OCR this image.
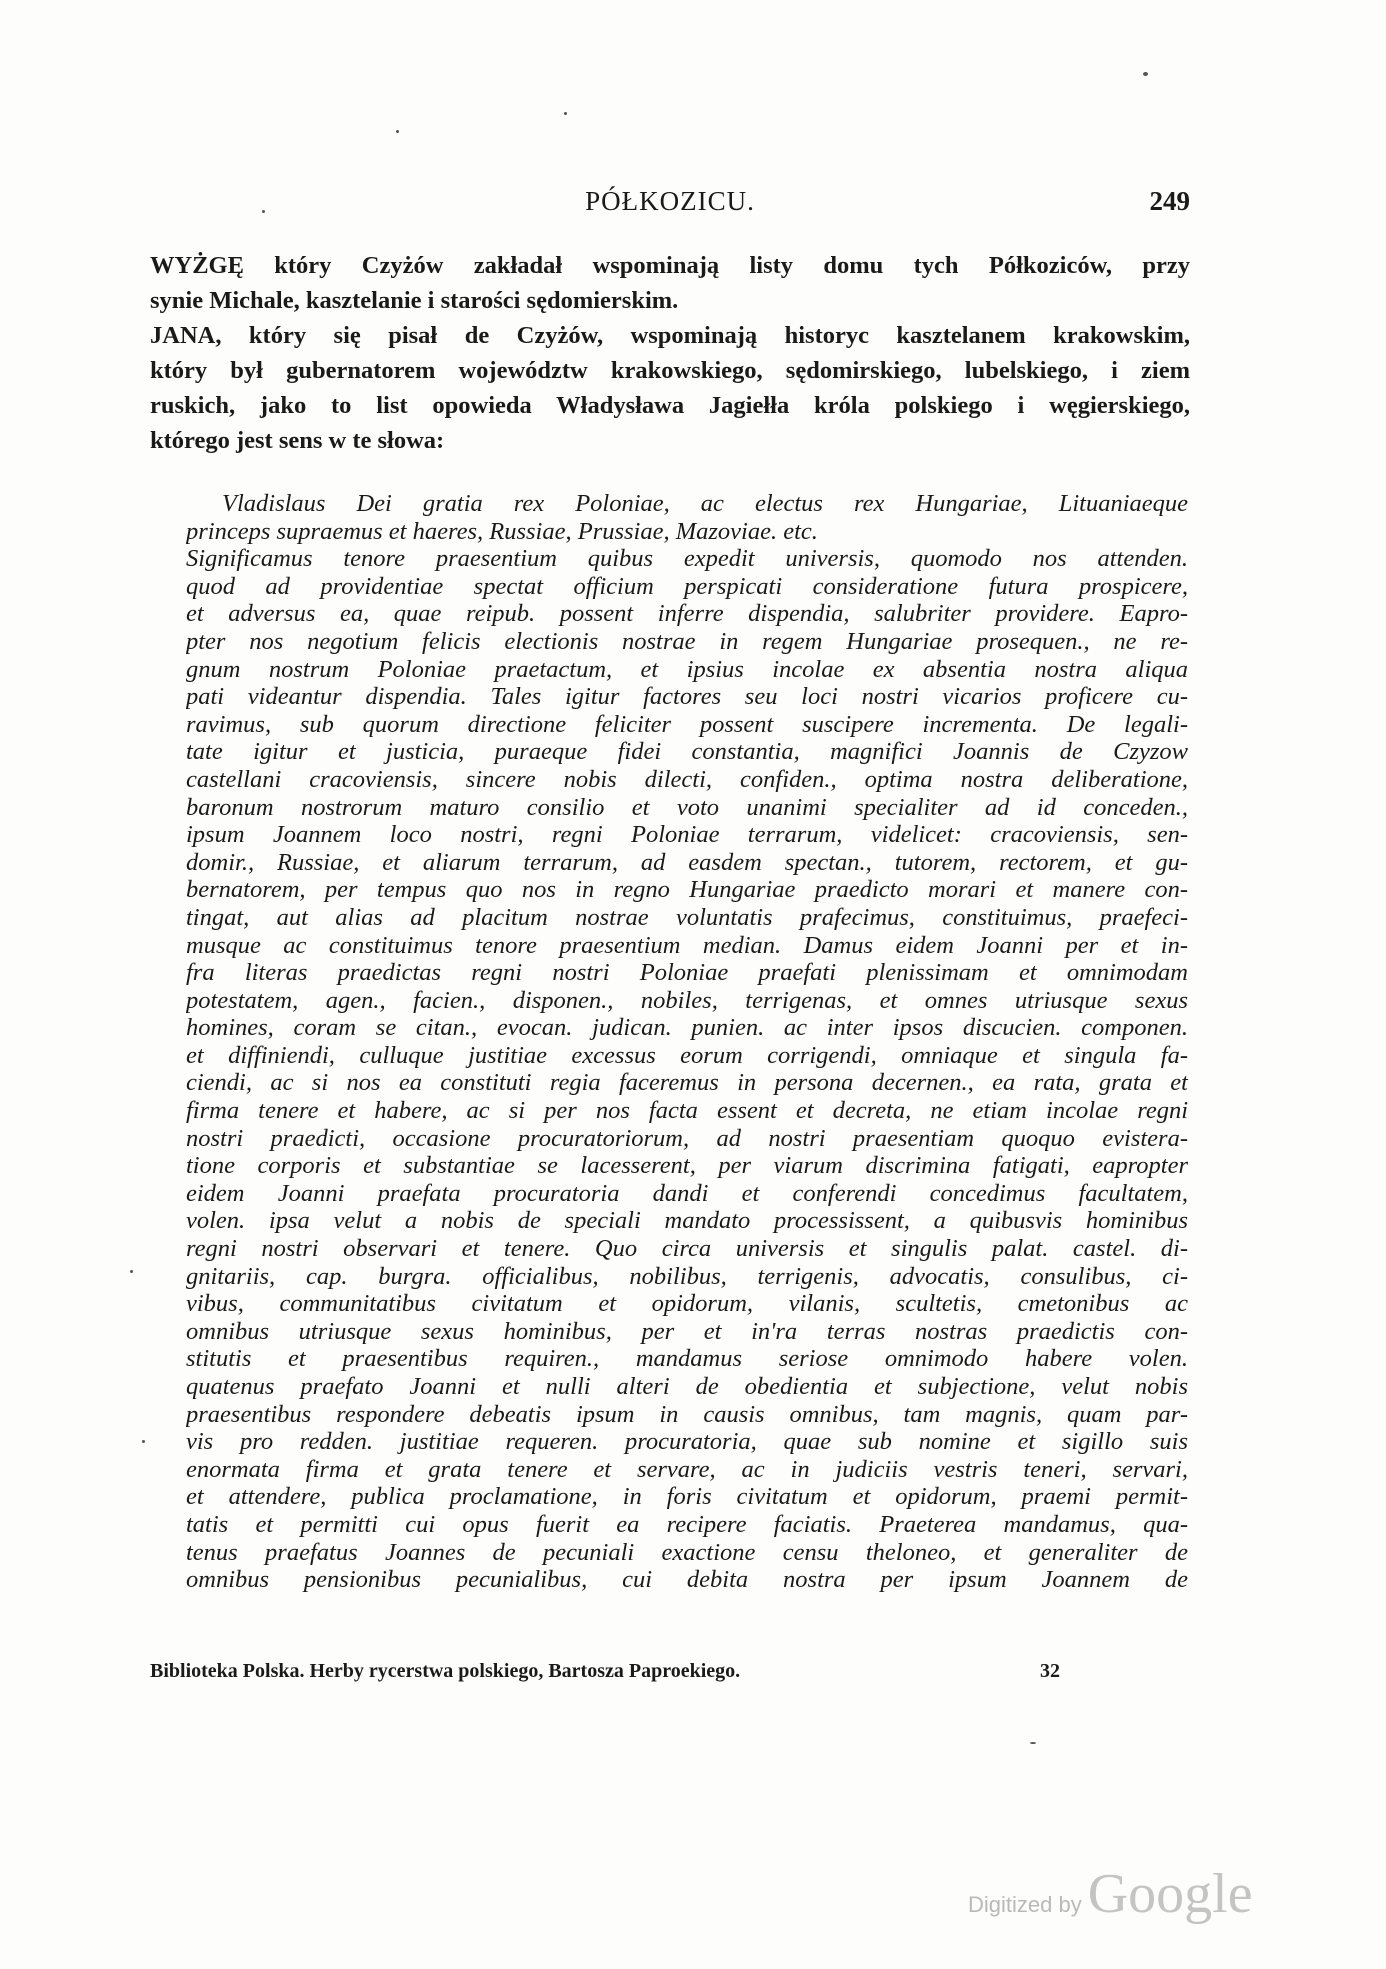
PÓŁKOZICU.	249
WYŻGĘ który Czyżów zakładał wspominają listy domu tych Półkoziców, przy
synie Michale, kasztelanie i starości sędomierskim.
JANA, który się pisał de Czyżów, wspominają historyc kasztelanem krakowskim,
który był gubernatorem województw krakowskiego, sędomirskiego, lubelskiego, i ziem
ruskich, jako to list opowieda Władysława Jagiełła króla polskiego i węgierskiego,
którego jest sens w te słowa:
Vladislaus Dei gratia rex Poloniae, ac electus rex Hungariae, Lituaniaeque
princeps supraemus et haeres, Russiae, Prussiae, Mazoviae. etc.
Significamus tenore praesentium quibus expedit universis, quomodo nos attenden.
quod ad providentiae spectat officium perspicati consideratione futura prospicere,
et adversus ea, quae reipub. possent inferre dispendia, salubriter providere. Eapro-
pter nos negotium felicis electionis nostrae in regem Hungariae prosequen., ne re-
gnum nostrum Poloniae praetactum, et ipsius incolae ex absentia nostra aliqua
pati videantur dispendia. Tales igitur factores seu loci nostri vicarios proficere cu-
ravimus, sub quorum directione feliciter possent suscipere incrementa. De legali-
tate igitur et justicia, puraeque fidei constantia, magnifici Joannis de Czyzow
castellani cracoviensis, sincere nobis dilecti, confiden., optima nostra deliberatione,
baronum nostrorum maturo consilio et voto unanimi specialiter ad id conceden.,
ipsum Joannem loco nostri, regni Poloniae terrarum, videlicet: cracoviensis, sen-
domir., Russiae, et aliarum terrarum, ad easdem spectan., tutorem, rectorem, et gu-
bernatorem, per tempus quo nos in regno Hungariae praedicto morari et manere con-
tingat, aut alias ad placitum nostrae voluntatis prafecimus, constituimus, praefeci-
musque ac constituimus tenore praesentium median. Damus eidem Joanni per et in-
fra literas praedictas regni nostri Poloniae praefati plenissimam et omnimodam
potestatem, agen., facien., disponen., nobiles, terrigenas, et omnes utriusque sexus
homines, coram se citan., evocan. judican. punien. ac inter ipsos discucien. componen.
et diffiniendi, culluque justitiae excessus eorum corrigendi, omniaque et singula fa-
ciendi, ac si nos ea constituti regia faceremus in persona decernen., ea rata, grata et
firma tenere et habere, ac si per nos facta essent et decreta, ne etiam incolae regni
nostri praedicti, occasione procuratoriorum, ad nostri praesentiam quoquo evistera-
tione corporis et substantiae se lacesserent, per viarum discrimina fatigati, eapropter
eidem Joanni praefata procuratoria dandi et conferendi concedimus facultatem,
volen. ipsa velut a nobis de speciali mandato processissent, a quibusvis hominibus
regni nostri observari et tenere. Quo circa universis et singulis palat. castel. di-
gnitariis, cap. burgra. officialibus, nobilibus, terrigenis, advocatis, consulibus, ci-
vibus, communitatibus civitatum et opidorum, vilanis, scultetis, cmetonibus ac
omnibus utriusque sexus hominibus, per et in'ra terras nostras praedictis con-
stitutis et praesentibus requiren., mandamus seriose omnimodo habere volen.
quatenus praefato Joanni et nulli alteri de obedientia et subjectione, velut nobis
praesentibus respondere debeatis ipsum in causis omnibus, tam magnis, quam par-
vis pro redden. justitiae requeren. procuratoria, quae sub nomine et sigillo suis
enormata firma et grata tenere et servare, ac in judiciis vestris teneri, servari,
et attendere, publica proclamatione, in foris civitatum et opidorum, praemi permit-
tatis et permitti cui opus fuerit ea recipere faciatis. Praeterea mandamus, qua-
tenus praefatus Joannes de pecuniali exactione censu theloneo, et generaliter de
omnibus pensionibus pecunialibus, cui debita nostra per ipsum Joannem de
Biblioteka Polska. Herby rycerstwa polskiego, Bartosza Paproekiego.	32
Digitized by Google
